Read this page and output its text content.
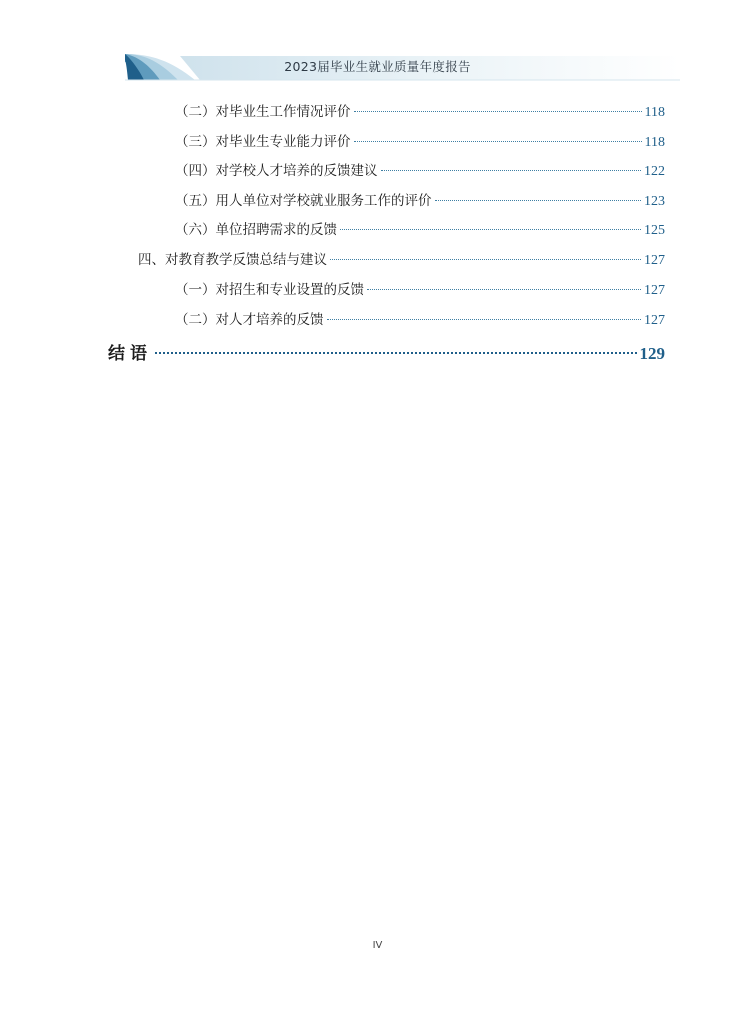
2023届毕业生就业质量年度报告
（二）对毕业生工作情况评价	118
（三）对毕业生专业能力评价	118
（四）对学校人才培养的反馈建议	122
（五）用人单位对学校就业服务工作的评价	123
（六）单位招聘需求的反馈	125
四、对教育教学反馈总结与建议	127
（一）对招生和专业设置的反馈	127
（二）对人才培养的反馈	127
结语	129
IV
